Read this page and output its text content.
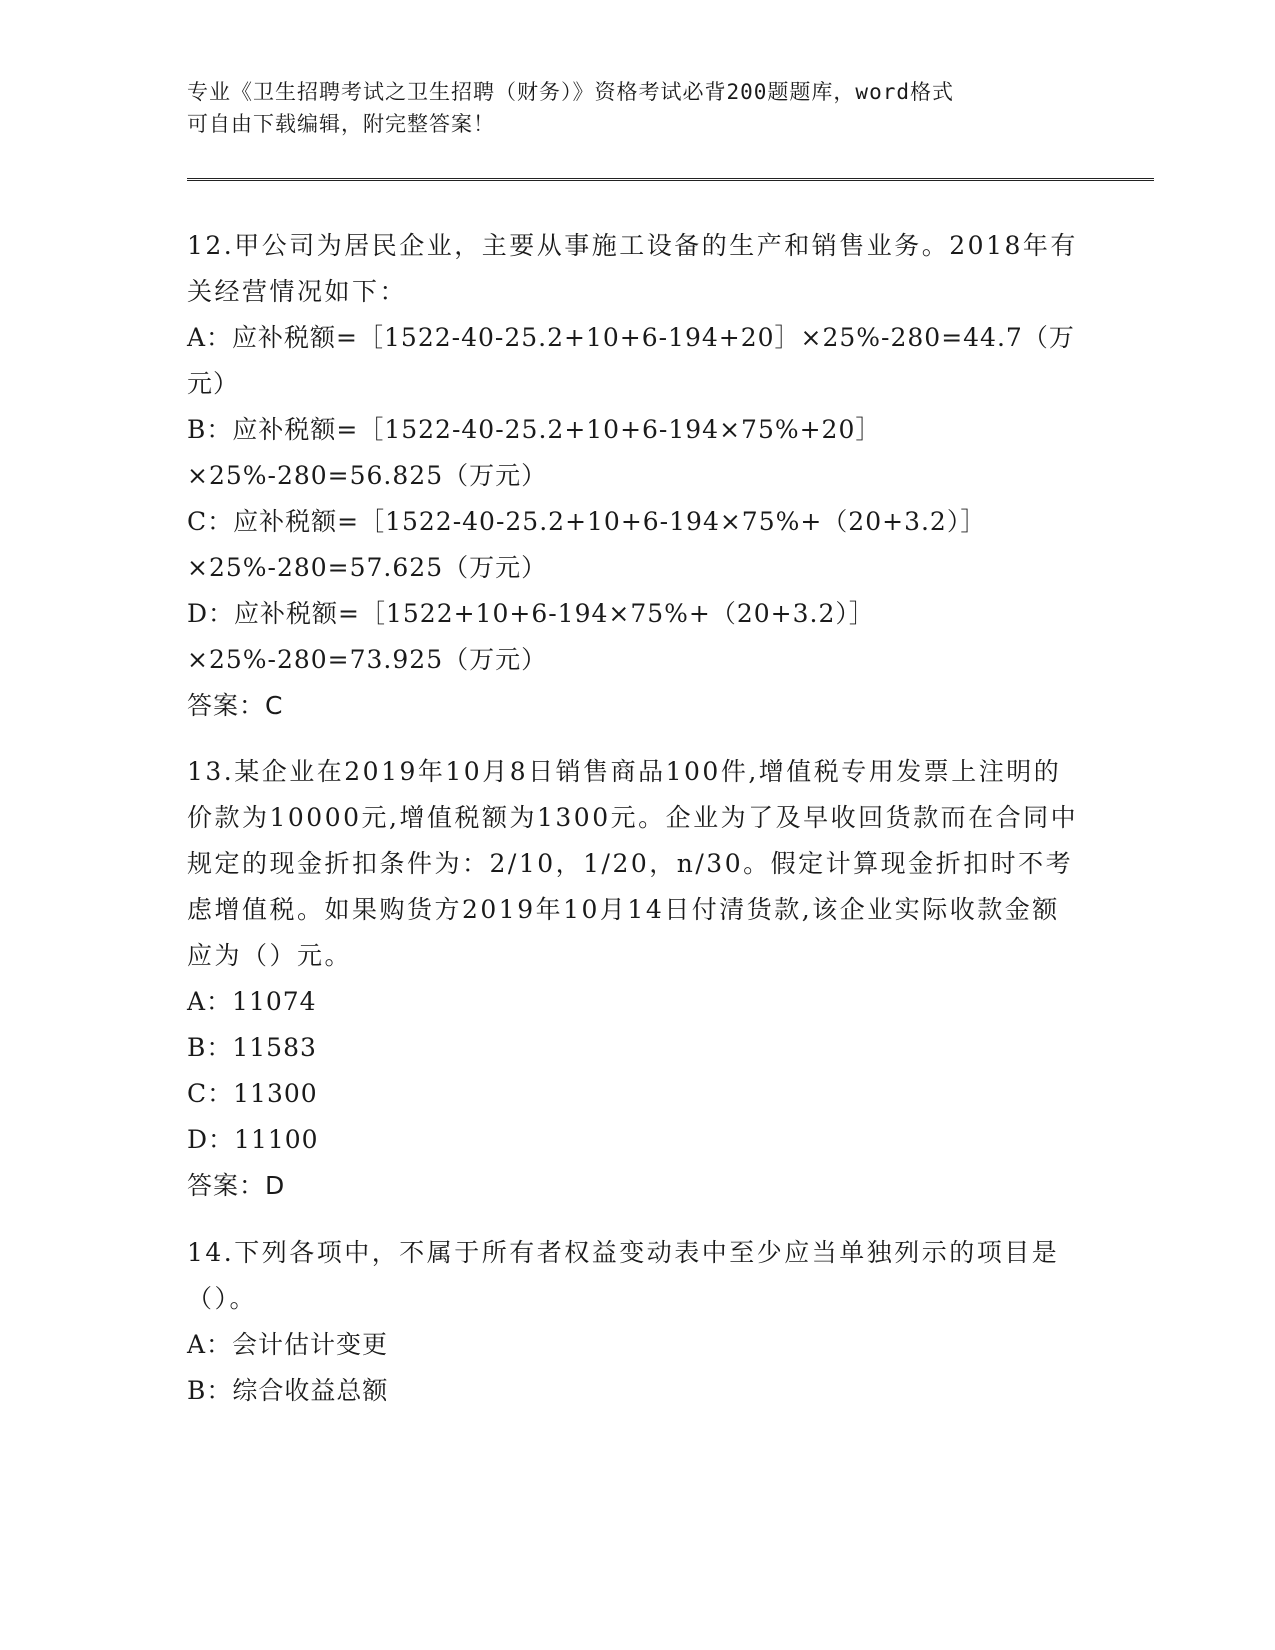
专业《卫生招聘考试之卫生招聘（财务）》资格考试必背200题题库，word格式
可自由下载编辑，附完整答案！

12.甲公司为居民企业，主要从事施工设备的生产和销售业务。2018年有关经营情况如下：

A：应补税额=［1522-40-25.2+10+6-194+20］×25%-280=44.7（万元）

B：应补税额=［1522-40-25.2+10+6-194×75%+20］×25%-280=56.825（万元）

C：应补税额=［1522-40-25.2+10+6-194×75%+（20+3.2）］×25%-280=57.625（万元）

D：应补税额=［1522+10+6-194×75%+（20+3.2）］×25%-280=73.925（万元）

答案：C

13.某企业在2019年10月8日销售商品100件,增值税专用发票上注明的价款为10000元,增值税额为1300元。企业为了及早收回货款而在合同中规定的现金折扣条件为：2/10，1/20，n/30。假定计算现金折扣时不考虑增值税。如果购货方2019年10月14日付清货款,该企业实际收款金额应为（）元。

A：11074

B：11583

C：11300

D：11100

答案：D

14.下列各项中，不属于所有者权益变动表中至少应当单独列示的项目是（）。

A：会计估计变更

B：综合收益总额
